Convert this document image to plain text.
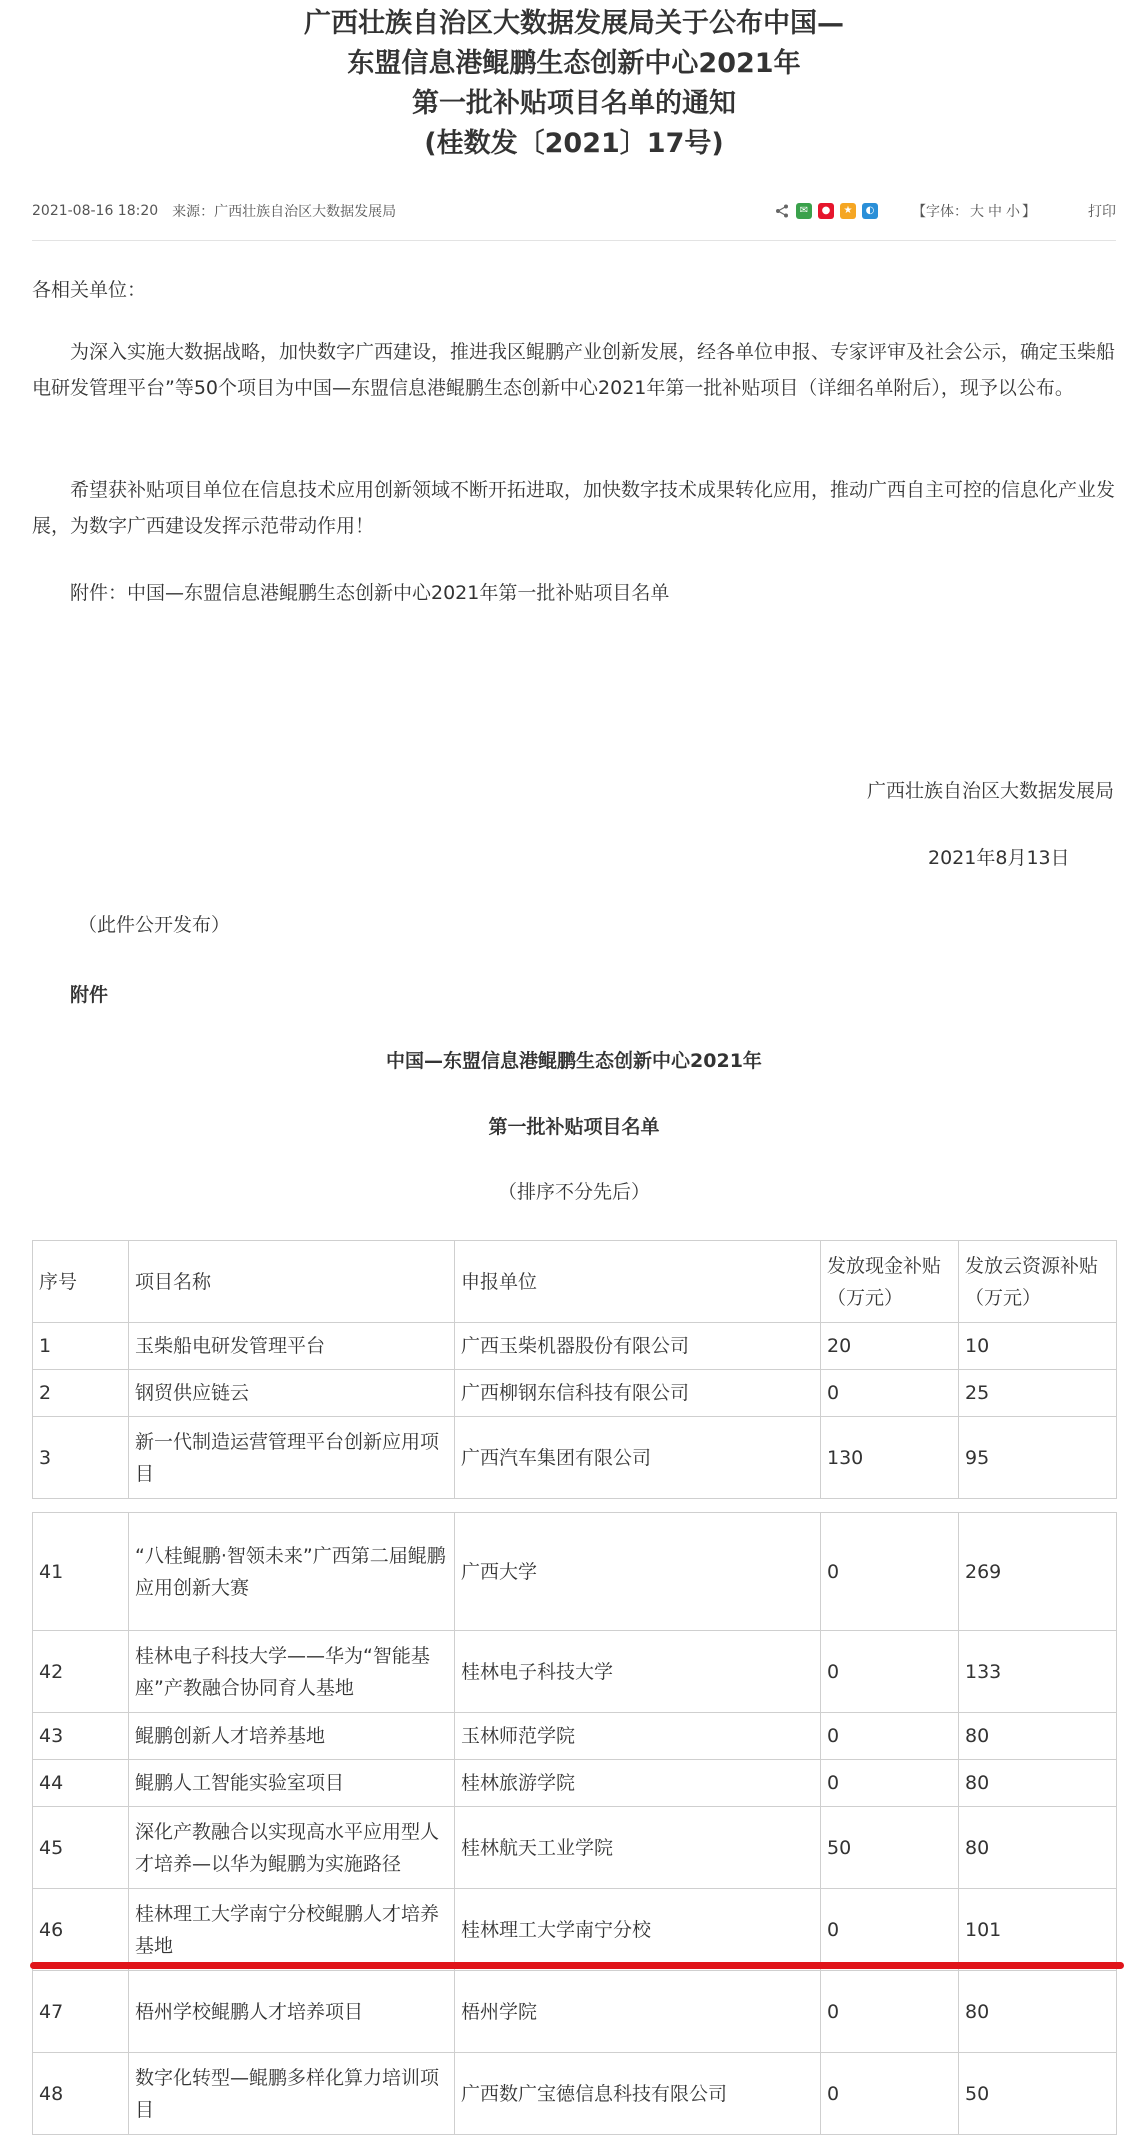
广西壮族自治区大数据发展局关于公布中国—
东盟信息港鲲鹏生态创新中心2021年
第一批补贴项目名单的通知
(桂数发〔2021〕17号)
2021-08-16 18:20 来源：广西壮族自治区大数据发展局	✉	●	★	◐	【字体： 大 中 小 】	打印
各相关单位：
为深入实施大数据战略，加快数字广西建设，推进我区鲲鹏产业创新发展，经各单位申报、专家评审及社会公示，确定玉柴船电研发管理平台”等50个项目为中国—东盟信息港鲲鹏生态创新中心2021年第一批补贴项目（详细名单附后），现予以公布。
希望获补贴项目单位在信息技术应用创新领域不断开拓进取，加快数字技术成果转化应用，推动广西自主可控的信息化产业发展，为数字广西建设发挥示范带动作用！
附件：中国—东盟信息港鲲鹏生态创新中心2021年第一批补贴项目名单
广西壮族自治区大数据发展局
2021年8月13日
（此件公开发布）
附件
中国—东盟信息港鲲鹏生态创新中心2021年
第一批补贴项目名单
（排序不分先后）
序号	项目名称	申报单位	发放现金补贴（万元）	发放云资源补贴（万元）
1	玉柴船电研发管理平台	广西玉柴机器股份有限公司	20	10
2	钢贸供应链云	广西柳钢东信科技有限公司	0	25
3	新一代制造运营管理平台创新应用项目	广西汽车集团有限公司	130	95
41	“八桂鲲鹏·智领未来”广西第二届鲲鹏应用创新大赛	广西大学	0	269
42	桂林电子科技大学——华为“智能基座”产教融合协同育人基地	桂林电子科技大学	0	133
43	鲲鹏创新人才培养基地	玉林师范学院	0	80
44	鲲鹏人工智能实验室项目	桂林旅游学院	0	80
45	深化产教融合以实现高水平应用型人才培养—以华为鲲鹏为实施路径	桂林航天工业学院	50	80
46	桂林理工大学南宁分校鲲鹏人才培养基地	桂林理工大学南宁分校	0	101
47	梧州学校鲲鹏人才培养项目	梧州学院	0	80
48	数字化转型—鲲鹏多样化算力培训项目	广西数广宝德信息科技有限公司	0	50
